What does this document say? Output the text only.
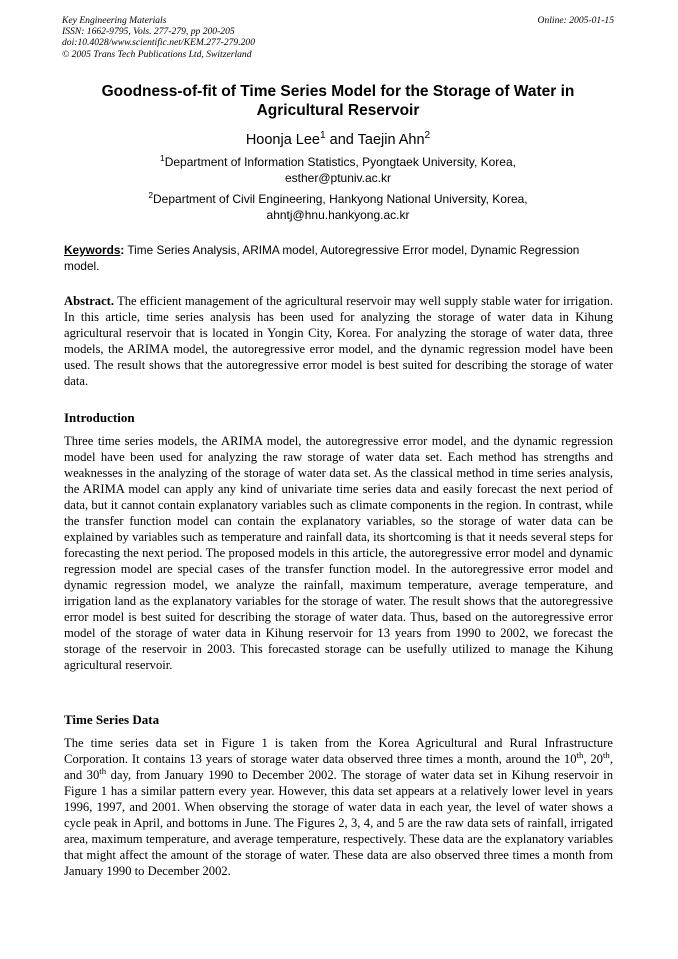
Key Engineering Materials
ISSN: 1662-9795, Vols. 277-279, pp 200-205
doi:10.4028/www.scientific.net/KEM.277-279.200
© 2005 Trans Tech Publications Ltd, Switzerland
Online: 2005-01-15
Goodness-of-fit of Time Series Model for the Storage of Water in
Agricultural Reservoir
Hoonja Lee$^1$ and Taejin Ahn$^2$
$^1$Department of Information Statistics, Pyongtaek University, Korea,
esther@ptuniv.ac.kr
$^2$Department of Civil Engineering, Hankyong National University, Korea,
ahntj@hnu.hankyong.ac.kr
Keywords: Time Series Analysis, ARIMA model, Autoregressive Error model, Dynamic Regression model.

Abstract. The efficient management of the agricultural reservoir may well supply stable water for irrigation. In this article, time series analysis has been used for analyzing the storage of water data in Kihung agricultural reservoir that is located in Yongin City, Korea. For analyzing the storage of water data, three models, the ARIMA model, the autoregressive error model, and the dynamic regression model have been used. The result shows that the autoregressive error model is best suited for describing the storage of water data.

Introduction

Three time series models, the ARIMA model, the autoregressive error model, and the dynamic regression model have been used for analyzing the raw storage of water data set. Each method has strengths and weaknesses in the analyzing of the storage of water data set. As the classical method in time series analysis, the ARIMA model can apply any kind of univariate time series data and easily forecast the next period of data, but it cannot contain explanatory variables such as climate components in the region. In contrast, while the transfer function model can contain the explanatory variables, so the storage of water data can be explained by variables such as temperature and rainfall data, its shortcoming is that it needs several steps for forecasting the next period. The proposed models in this article, the autoregressive error model and dynamic regression model are special cases of the transfer function model. In the autoregressive error model and dynamic regression model, we analyze the rainfall, maximum temperature, average temperature, and irrigation land as the explanatory variables for the storage of water. The result shows that the autoregressive error model is best suited for describing the storage of water data. Thus, based on the autoregressive error model of the storage of water data in Kihung reservoir for 13 years from 1990 to 2002, we forecast the storage of the reservoir in 2003. This forecasted storage can be usefully utilized to manage the Kihung agricultural reservoir.

Time Series Data

The time series data set in Figure 1 is taken from the Korea Agricultural and Rural Infrastructure Corporation. It contains 13 years of storage water data observed three times a month, around the 10th, 20th, and 30th day, from January 1990 to December 2002. The storage of water data set in Kihung reservoir in Figure 1 has a similar pattern every year. However, this data set appears at a relatively lower level in years 1996, 1997, and 2001. When observing the storage of water data in each year, the level of water shows a cycle peak in April, and bottoms in June. The Figures 2, 3, 4, and 5 are the raw data sets of rainfall, irrigated area, maximum temperature, and average temperature, respectively. These data are the explanatory variables that might affect the amount of the storage of water. These data are also observed three times a month from January 1990 to December 2002.
